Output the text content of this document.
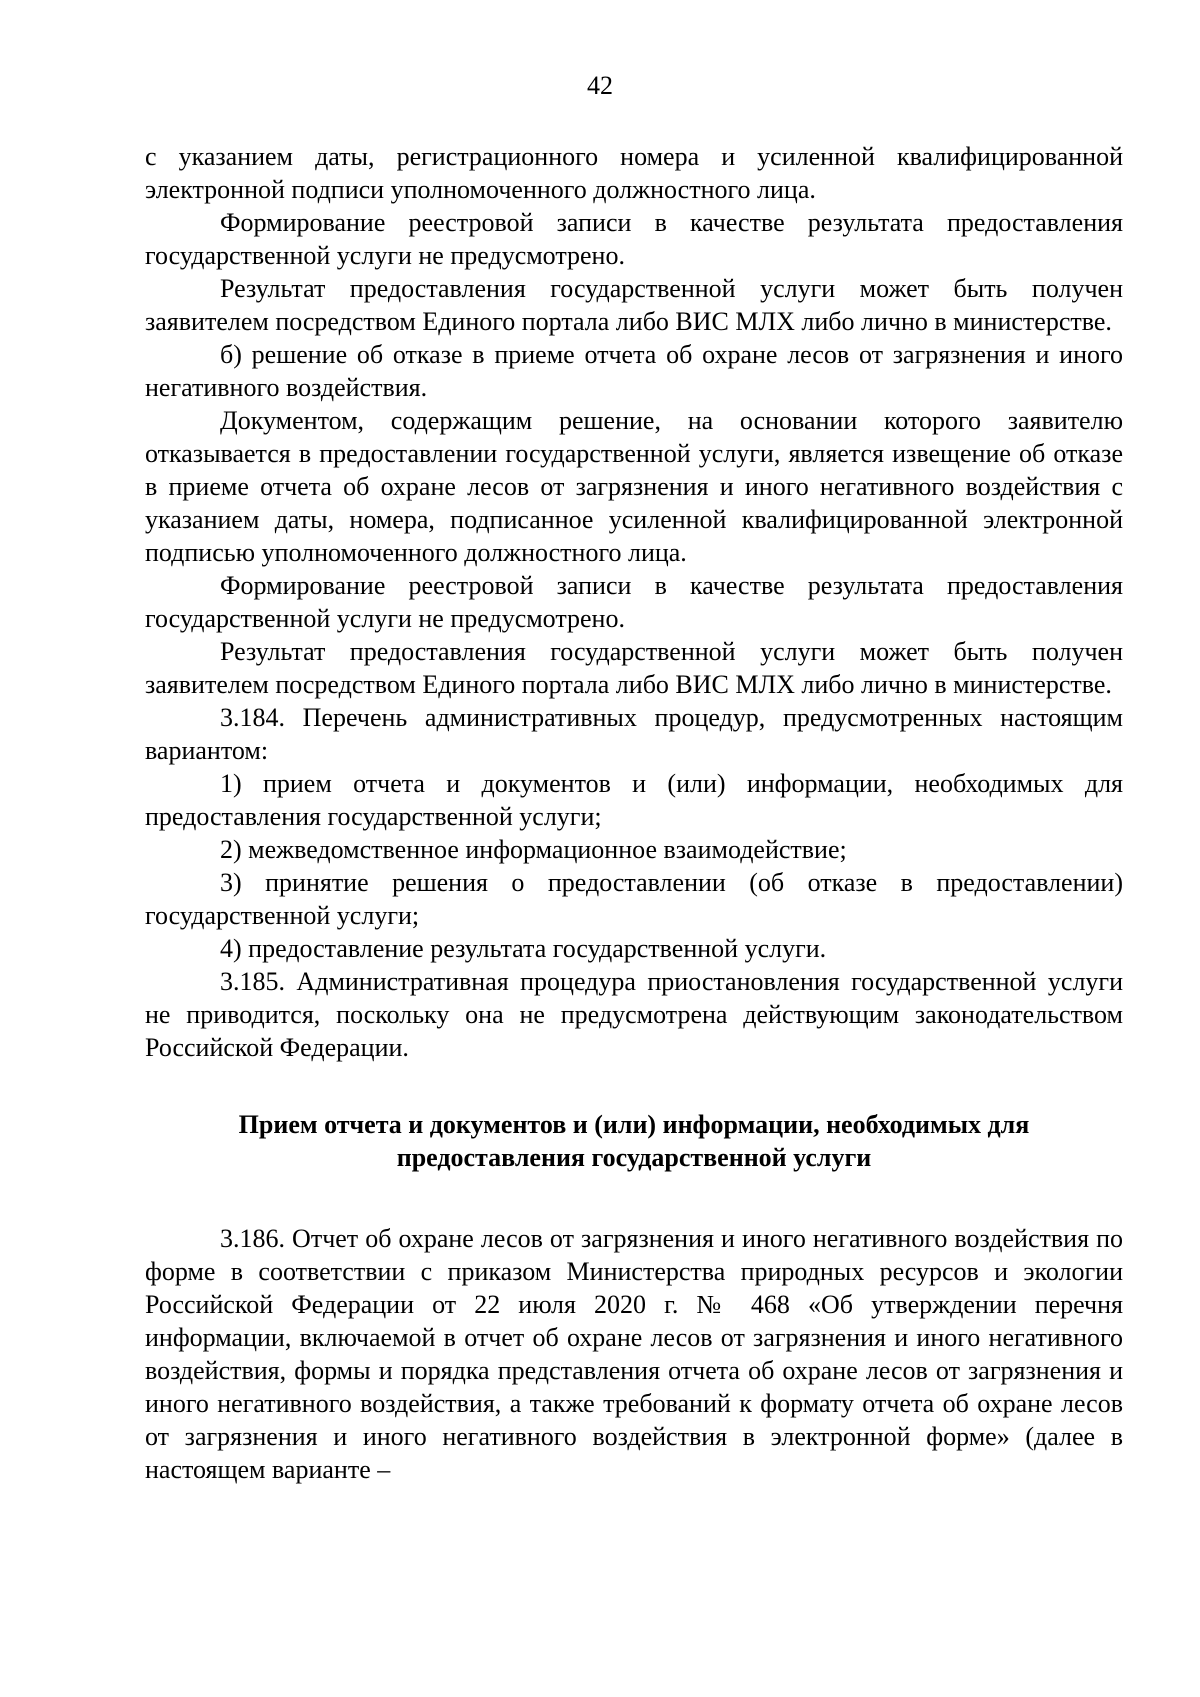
42

с указанием даты, регистрационного номера и усиленной квалифицированной электронной подписи уполномоченного должностного лица.

Формирование реестровой записи в качестве результата предоставления государственной услуги не предусмотрено.

Результат предоставления государственной услуги может быть получен заявителем посредством Единого портала либо ВИС МЛХ либо лично в министерстве.

б) решение об отказе в приеме отчета об охране лесов от загрязнения и иного негативного воздействия.

Документом, содержащим решение, на основании которого заявителю отказывается в предоставлении государственной услуги, является извещение об отказе в приеме отчета об охране лесов от загрязнения и иного негативного воздействия с указанием даты, номера, подписанное усиленной квалифицированной электронной подписью уполномоченного должностного лица.

Формирование реестровой записи в качестве результата предоставления государственной услуги не предусмотрено.

Результат предоставления государственной услуги может быть получен заявителем посредством Единого портала либо ВИС МЛХ либо лично в министерстве.

3.184. Перечень административных процедур, предусмотренных настоящим вариантом:

1) прием отчета и документов и (или) информации, необходимых для предоставления государственной услуги;

2) межведомственное информационное взаимодействие;

3) принятие решения о предоставлении (об отказе в предоставлении) государственной услуги;

4) предоставление результата государственной услуги.

3.185. Административная процедура приостановления государственной услуги не приводится, поскольку она не предусмотрена действующим законодательством Российской Федерации.

Прием отчета и документов и (или) информации, необходимых для
предоставления государственной услуги

3.186. Отчет об охране лесов от загрязнения и иного негативного воздействия по форме в соответствии с приказом Министерства природных ресурсов и экологии Российской Федерации от 22 июля 2020 г. № 468 «Об утверждении перечня информации, включаемой в отчет об охране лесов от загрязнения и иного негативного воздействия, формы и порядка представления отчета об охране лесов от загрязнения и иного негативного воздействия, а также требований к формату отчета об охране лесов от загрязнения и иного негативного воздействия в электронной форме» (далее в настоящем варианте –
